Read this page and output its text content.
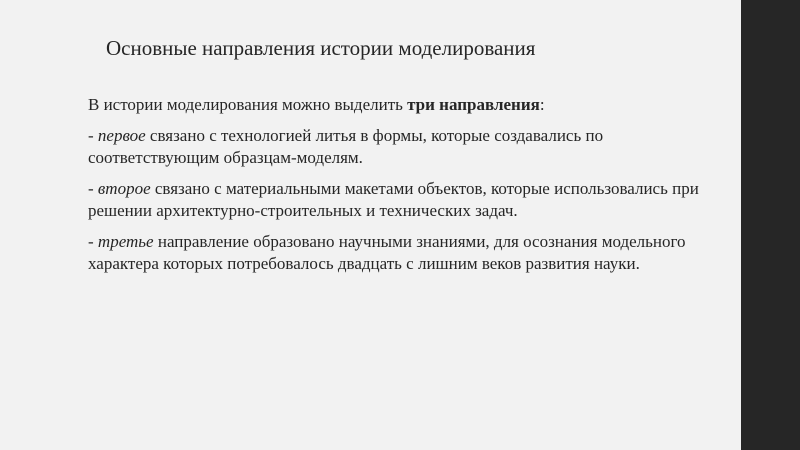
Основные направления истории моделирования

В истории моделирования можно выделить три направления:

- первое связано с технологией литья в формы, которые создавались по соответствующим образцам-моделям.

- второе связано с материальными макетами объектов, которые использовались при решении архитектурно-строительных и технических задач.

- третье направление образовано научными знаниями, для осознания модельного характера которых потребовалось двадцать с лишним веков развития науки.
